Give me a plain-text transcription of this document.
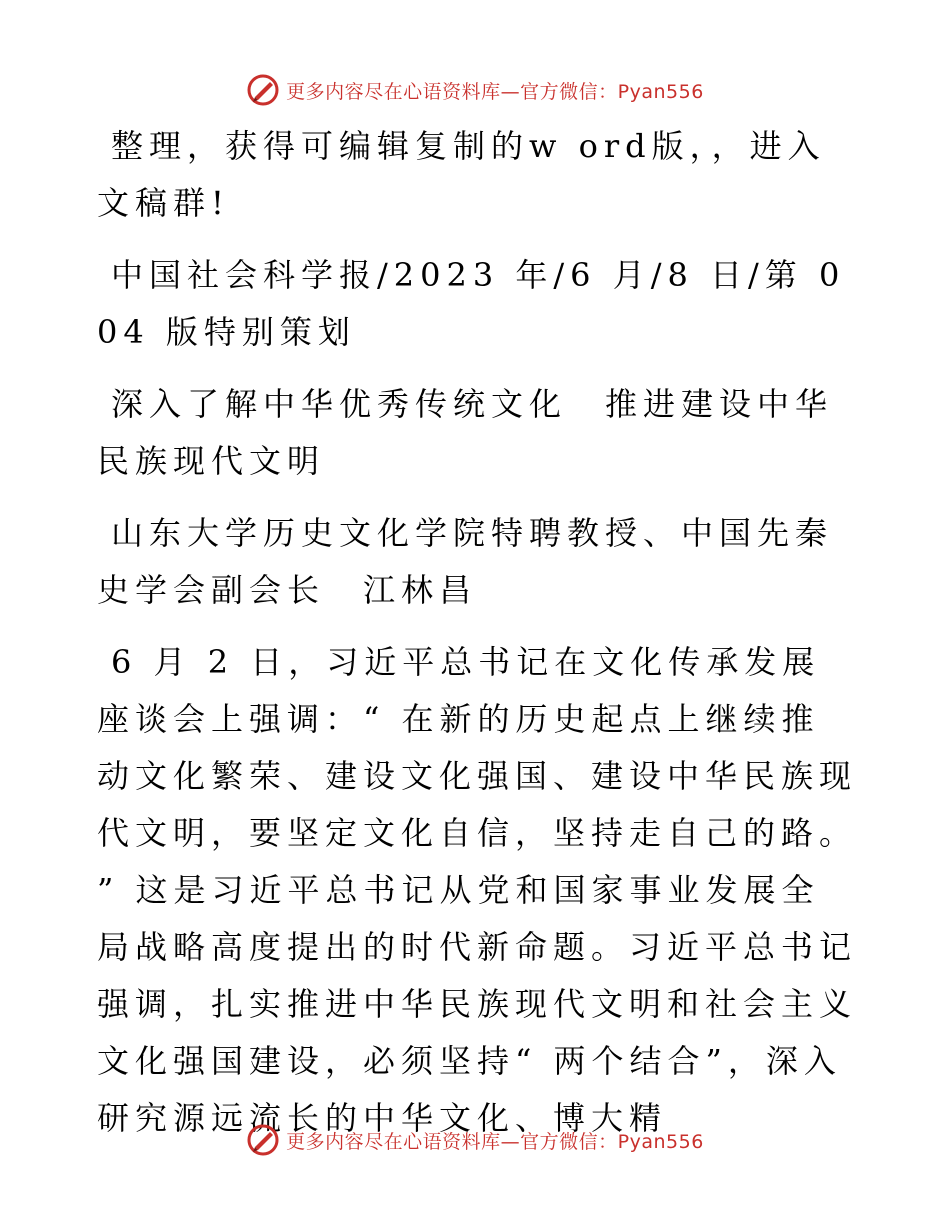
更多内容尽在心语资料库—官方微信：Pyan556

整理，获得可编辑复制的w ord版，，进入文稿群!

中国社会科学报/2023 年/6 月/8 日/第 004 版特别策划

深入了解中华优秀传统文化　推进建设中华民族现代文明

山东大学历史文化学院特聘教授、中国先秦史学会副会长　江林昌

6 月 2 日，习近平总书记在文化传承发展座谈会上强调：“ 在新的历史起点上继续推动文化繁荣、建设文化强国、建设中华民族现代文明，要坚定文化自信，坚持走自己的路。 ” 这是习近平总书记从党和国家事业发展全局战略高度提出的时代新命题。习近平总书记强调，扎实推进中华民族现代文明和社会主义文化强国建设，必须坚持“ 两个结合”，深入研究源远流长的中华文化、博大精

更多内容尽在心语资料库—官方微信：Pyan556
